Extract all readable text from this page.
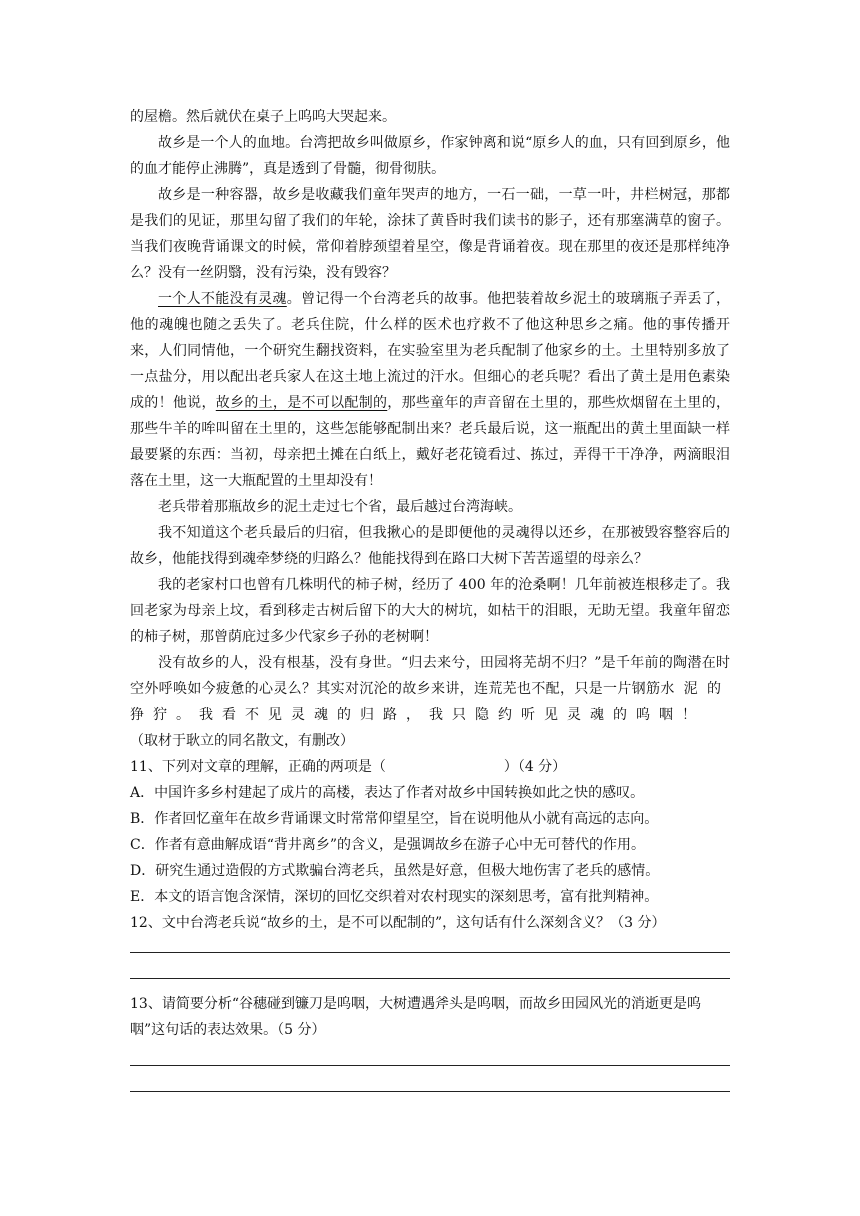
的屋檐。然后就伏在桌子上呜呜大哭起来。

故乡是一个人的血地。台湾把故乡叫做原乡，作家钟离和说“原乡人的血，只有回到原乡，他的血才能停止沸腾”，真是透到了骨髓，彻骨彻肤。

故乡是一种容器，故乡是收藏我们童年哭声的地方，一石一础，一草一叶，井栏树冠，那都是我们的见证，那里勾留了我们的年轮，涂抹了黄昏时我们读书的影子，还有那塞满草的窗子。当我们夜晚背诵课文的时候，常仰着脖颈望着星空，像是背诵着夜。现在那里的夜还是那样纯净么？没有一丝阴翳，没有污染，没有毁容？

一个人不能没有灵魂。曾记得一个台湾老兵的故事。他把装着故乡泥土的玻璃瓶子弄丢了，他的魂魄也随之丢失了。老兵住院，什么样的医术也疗救不了他这种思乡之痛。他的事传播开来，人们同情他，一个研究生翻找资料，在实验室里为老兵配制了他家乡的土。土里特别多放了一点盐分，用以配出老兵家人在这土地上流过的汗水。但细心的老兵呢？看出了黄土是用色素染成的！他说，故乡的土，是不可以配制的，那些童年的声音留在土里的，那些炊烟留在土里的，那些牛羊的哞叫留在土里的，这些怎能够配制出来？老兵最后说，这一瓶配出的黄土里面缺一样最要紧的东西：当初，母亲把土摊在白纸上，戴好老花镜看过、拣过，弄得干干净净，两滴眼泪落在土里，这一大瓶配置的土里却没有！

老兵带着那瓶故乡的泥土走过七个省，最后越过台湾海峡。

我不知道这个老兵最后的归宿，但我揪心的是即便他的灵魂得以还乡，在那被毁容整容后的故乡，他能找得到魂牵梦绕的归路么？他能找得到在路口大树下苦苦遥望的母亲么？

我的老家村口也曾有几株明代的柿子树，经历了 400 年的沧桑啊！几年前被连根移走了。我回老家为母亲上坟，看到移走古树后留下的大大的树坑，如枯干的泪眼，无助无望。我童年留恋的柿子树，那曾荫庇过多少代家乡子孙的老树啊！

没有故乡的人，没有根基，没有身世。“归去来兮，田园将芜胡不归？”是千年前的陶潜在时空外呼唤如今疲惫的心灵么？其实对沉沦的故乡来讲，连荒芜也不配，只是一片钢筋水泥的狰狞。我看不见灵魂的归路，我只隐约听见灵魂的呜咽！

（取材于耿立的同名散文，有删改）

11、下列对文章的理解，正确的两项是（	）（4 分）

A．中国许多乡村建起了成片的高楼，表达了作者对故乡中国转换如此之快的感叹。

B．作者回忆童年在故乡背诵课文时常常仰望星空，旨在说明他从小就有高远的志向。

C．作者有意曲解成语“背井离乡”的含义，是强调故乡在游子心中无可替代的作用。

D．研究生通过造假的方式欺骗台湾老兵，虽然是好意，但极大地伤害了老兵的感情。

E．本文的语言饱含深情，深切的回忆交织着对农村现实的深刻思考，富有批判精神。

12、文中台湾老兵说“故乡的土，是不可以配制的”，这句话有什么深刻含义？（3 分）

13、请简要分析“谷穗碰到镰刀是呜咽，大树遭遇斧头是呜咽，而故乡田园风光的消逝更是呜咽”这句话的表达效果。（5 分）
